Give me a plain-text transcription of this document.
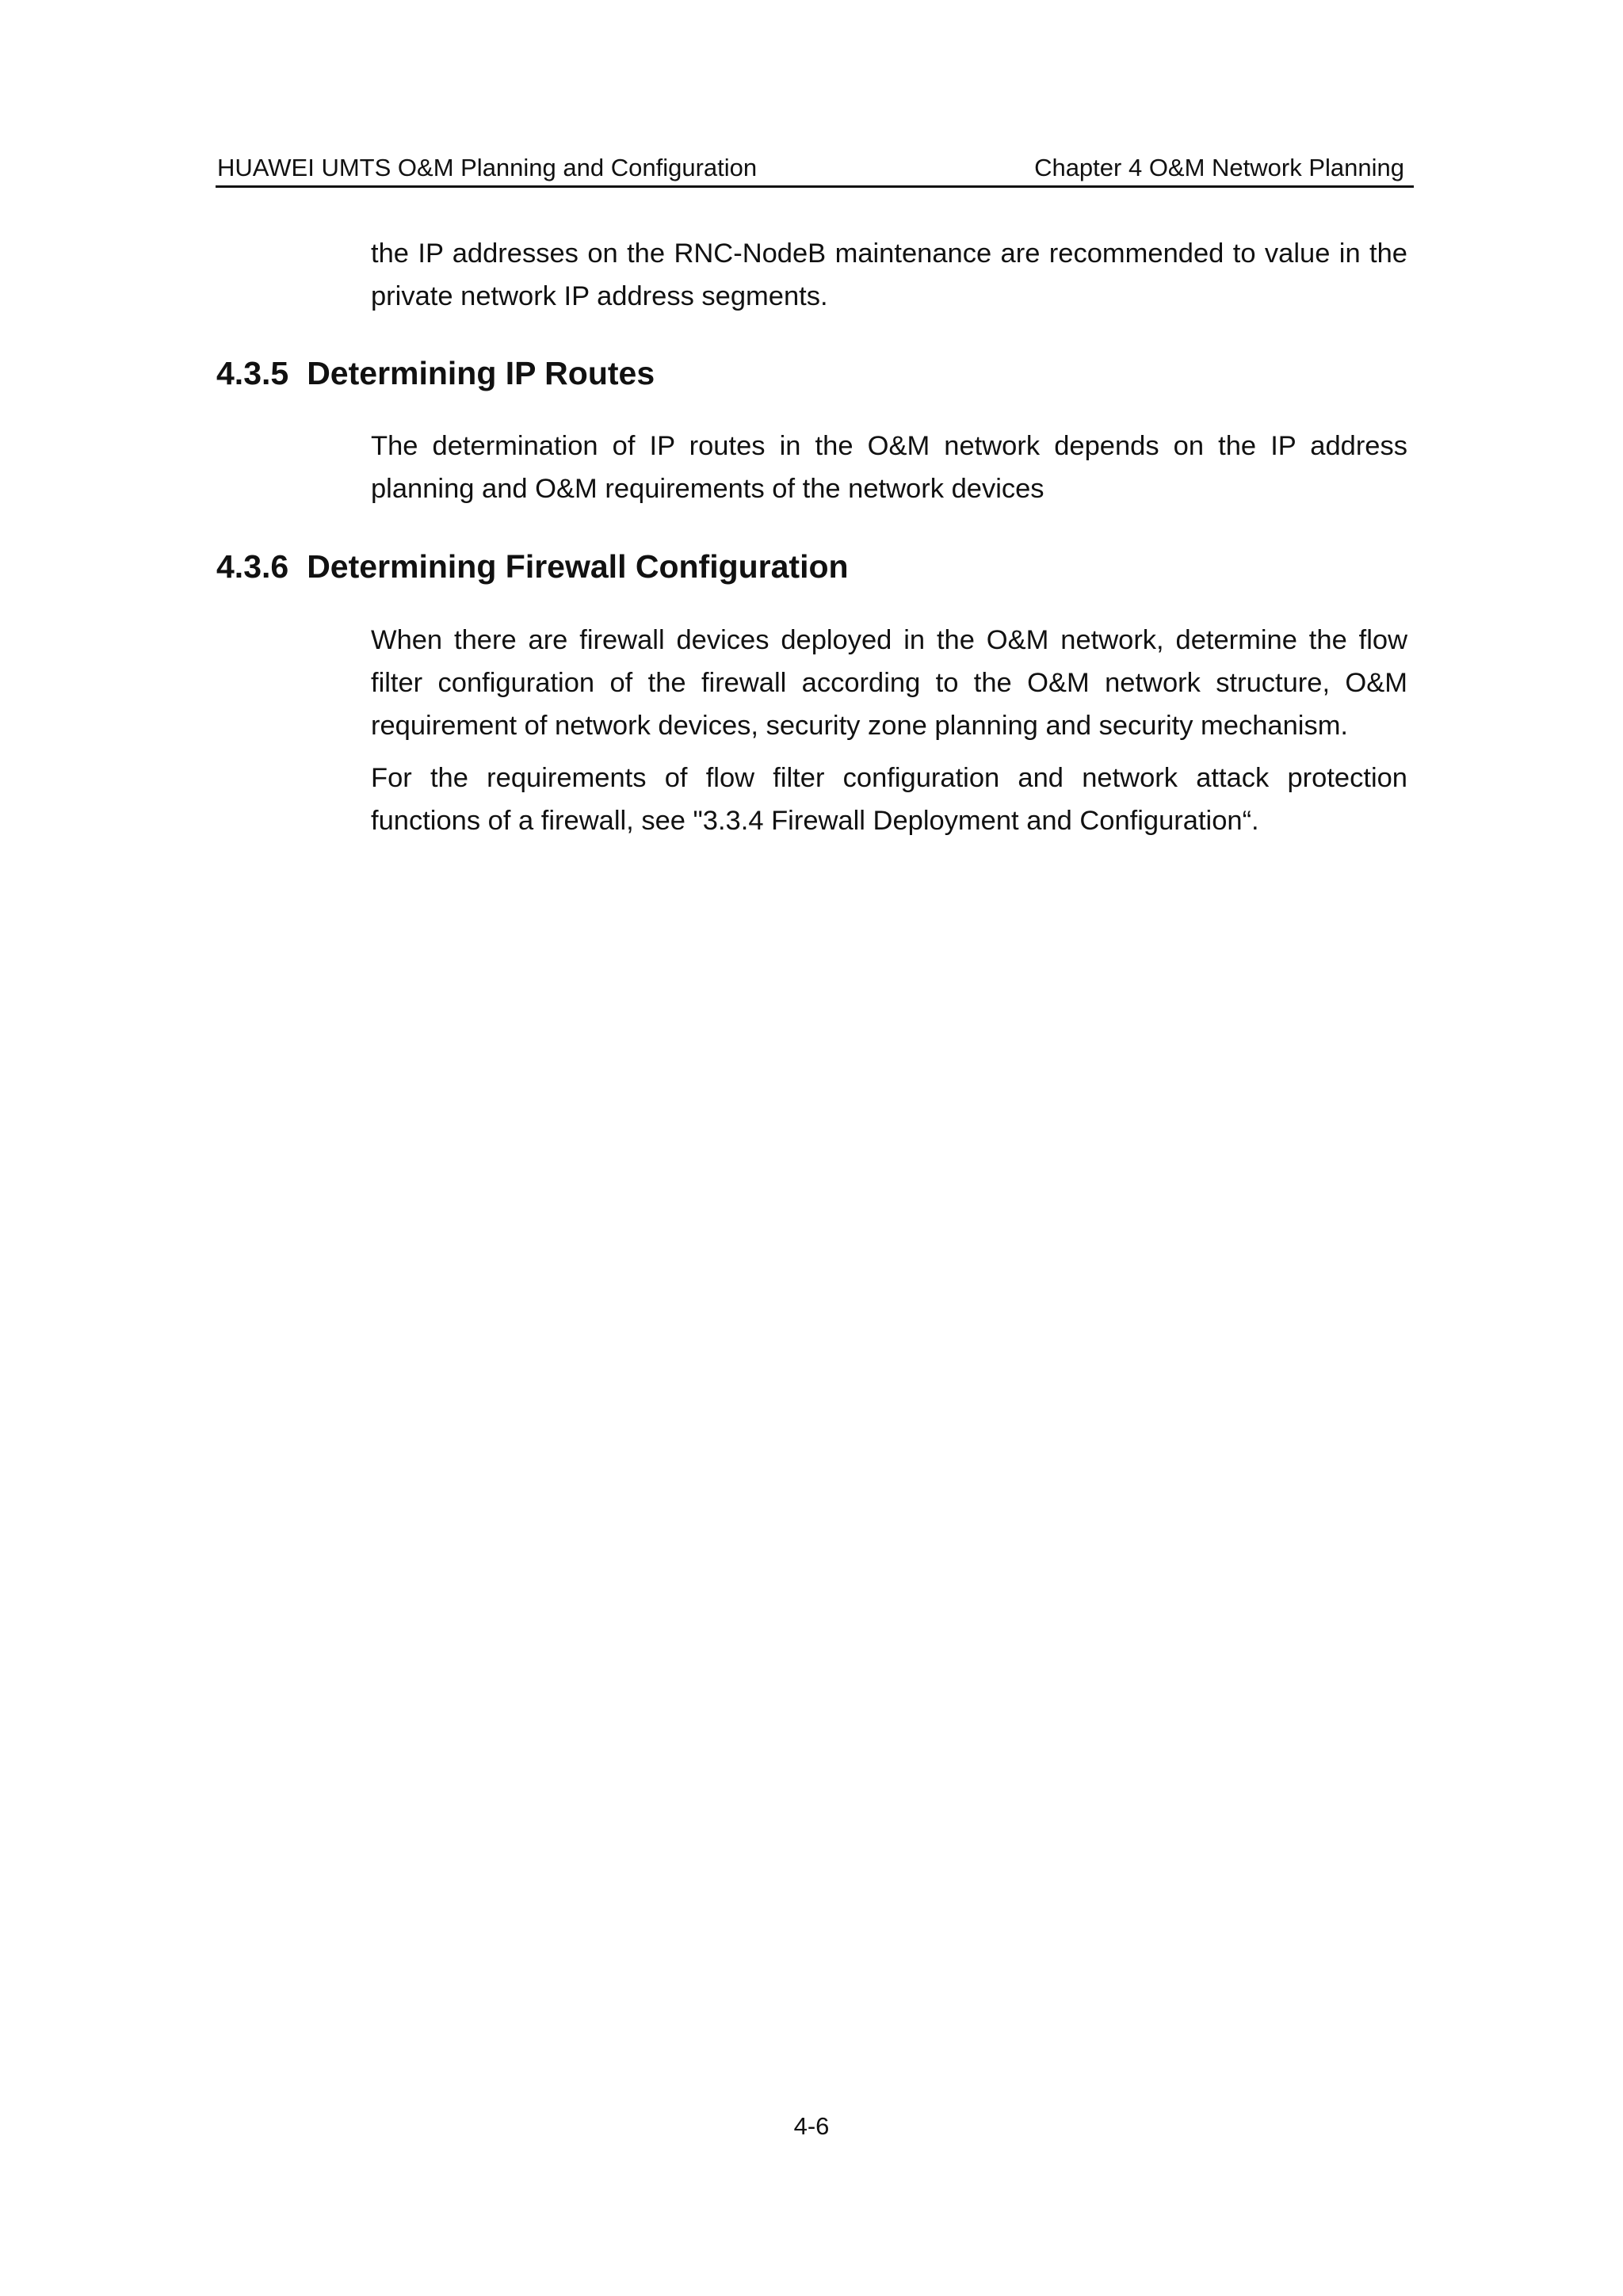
HUAWEI UMTS O&M Planning and Configuration	Chapter 4 O&M Network Planning

the IP addresses on the RNC-NodeB maintenance are recommended to value in the private network IP address segments.

4.3.5 Determining IP Routes

The determination of IP routes in the O&M network depends on the IP address planning and O&M requirements of the network devices

4.3.6 Determining Firewall Configuration

When there are firewall devices deployed in the O&M network, determine the flow filter configuration of the firewall according to the O&M network structure, O&M requirement of network devices, security zone planning and security mechanism.

For the requirements of flow filter configuration and network attack protection functions of a firewall, see "3.3.4 Firewall Deployment and Configuration“.

4-6
